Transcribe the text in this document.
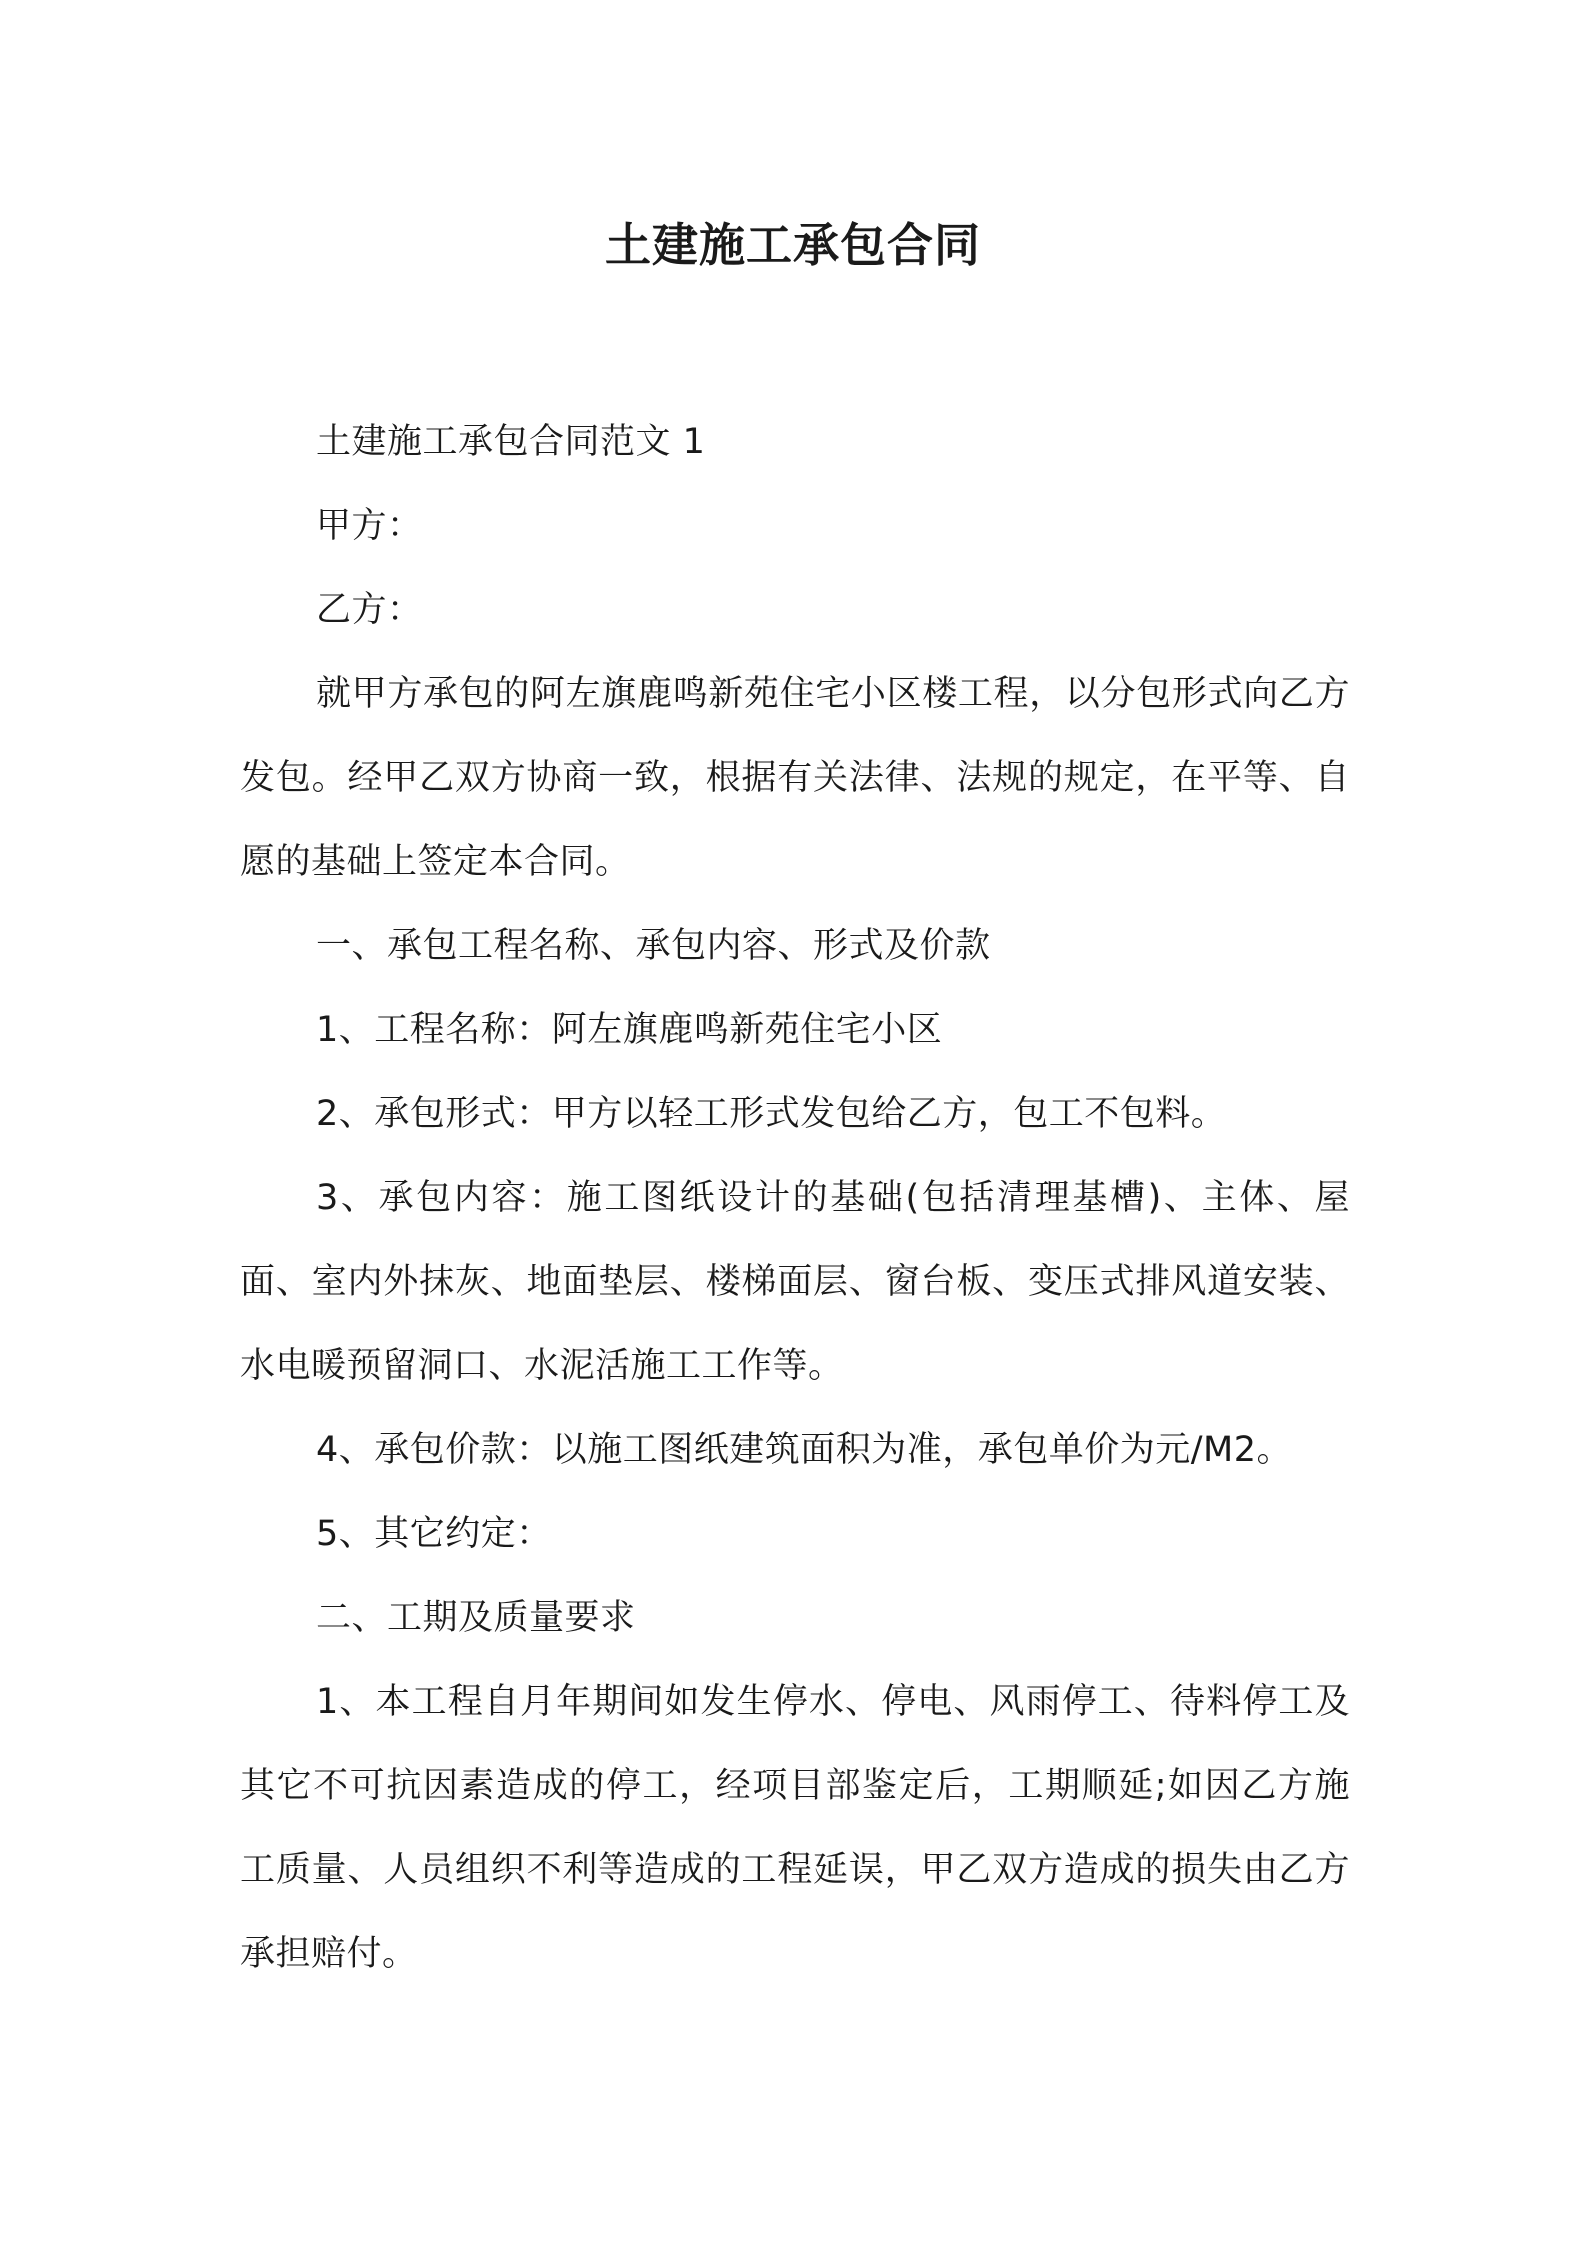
土建施工承包合同

土建施工承包合同范文 1

甲方：

乙方：

就甲方承包的阿左旗鹿鸣新苑住宅小区楼工程，以分包形式向乙方发包。经甲乙双方协商一致，根据有关法律、法规的规定，在平等、自愿的基础上签定本合同。

一、承包工程名称、承包内容、形式及价款

1、工程名称：阿左旗鹿鸣新苑住宅小区

2、承包形式：甲方以轻工形式发包给乙方，包工不包料。

3、承包内容：施工图纸设计的基础(包括清理基槽)、主体、屋面、室内外抹灰、地面垫层、楼梯面层、窗台板、变压式排风道安装、水电暖预留洞口、水泥活施工工作等。

4、承包价款：以施工图纸建筑面积为准，承包单价为元/M2。

5、其它约定：

二、工期及质量要求

1、本工程自月年期间如发生停水、停电、风雨停工、待料停工及其它不可抗因素造成的停工，经项目部鉴定后，工期顺延;如因乙方施工质量、人员组织不利等造成的工程延误，甲乙双方造成的损失由乙方承担赔付。
